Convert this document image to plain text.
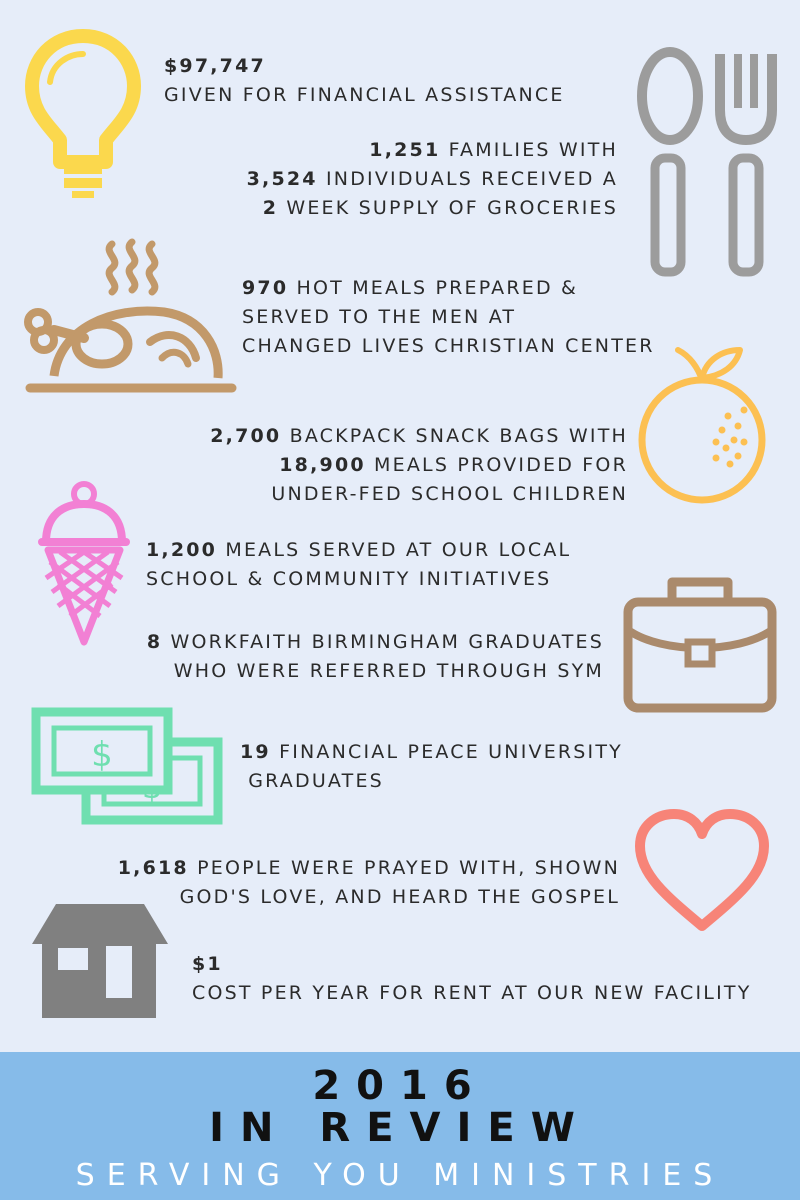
$
$97,747
GIVEN FOR FINANCIAL ASSISTANCE
1,251 FAMILIES WITH
3,524 INDIVIDUALS RECEIVED A
2 WEEK SUPPLY OF GROCERIES
970 HOT MEALS PREPARED &
SERVED TO THE MEN AT
CHANGED LIVES CHRISTIAN CENTER
2,700 BACKPACK SNACK BAGS WITH
18,900 MEALS PROVIDED FOR
UNDER-FED SCHOOL CHILDREN
1,200 MEALS SERVED AT OUR LOCAL
SCHOOL & COMMUNITY INITIATIVES
8 WORKFAITH BIRMINGHAM GRADUATES
WHO WERE REFERRED THROUGH SYM
19 FINANCIAL PEACE UNIVERSITY
GRADUATES
1,618 PEOPLE WERE PRAYED WITH, SHOWN
GOD'S LOVE, AND HEARD THE GOSPEL
$1
COST PER YEAR FOR RENT AT OUR NEW FACILITY
2016
IN REVIEW
SERVING YOU MINISTRIES
